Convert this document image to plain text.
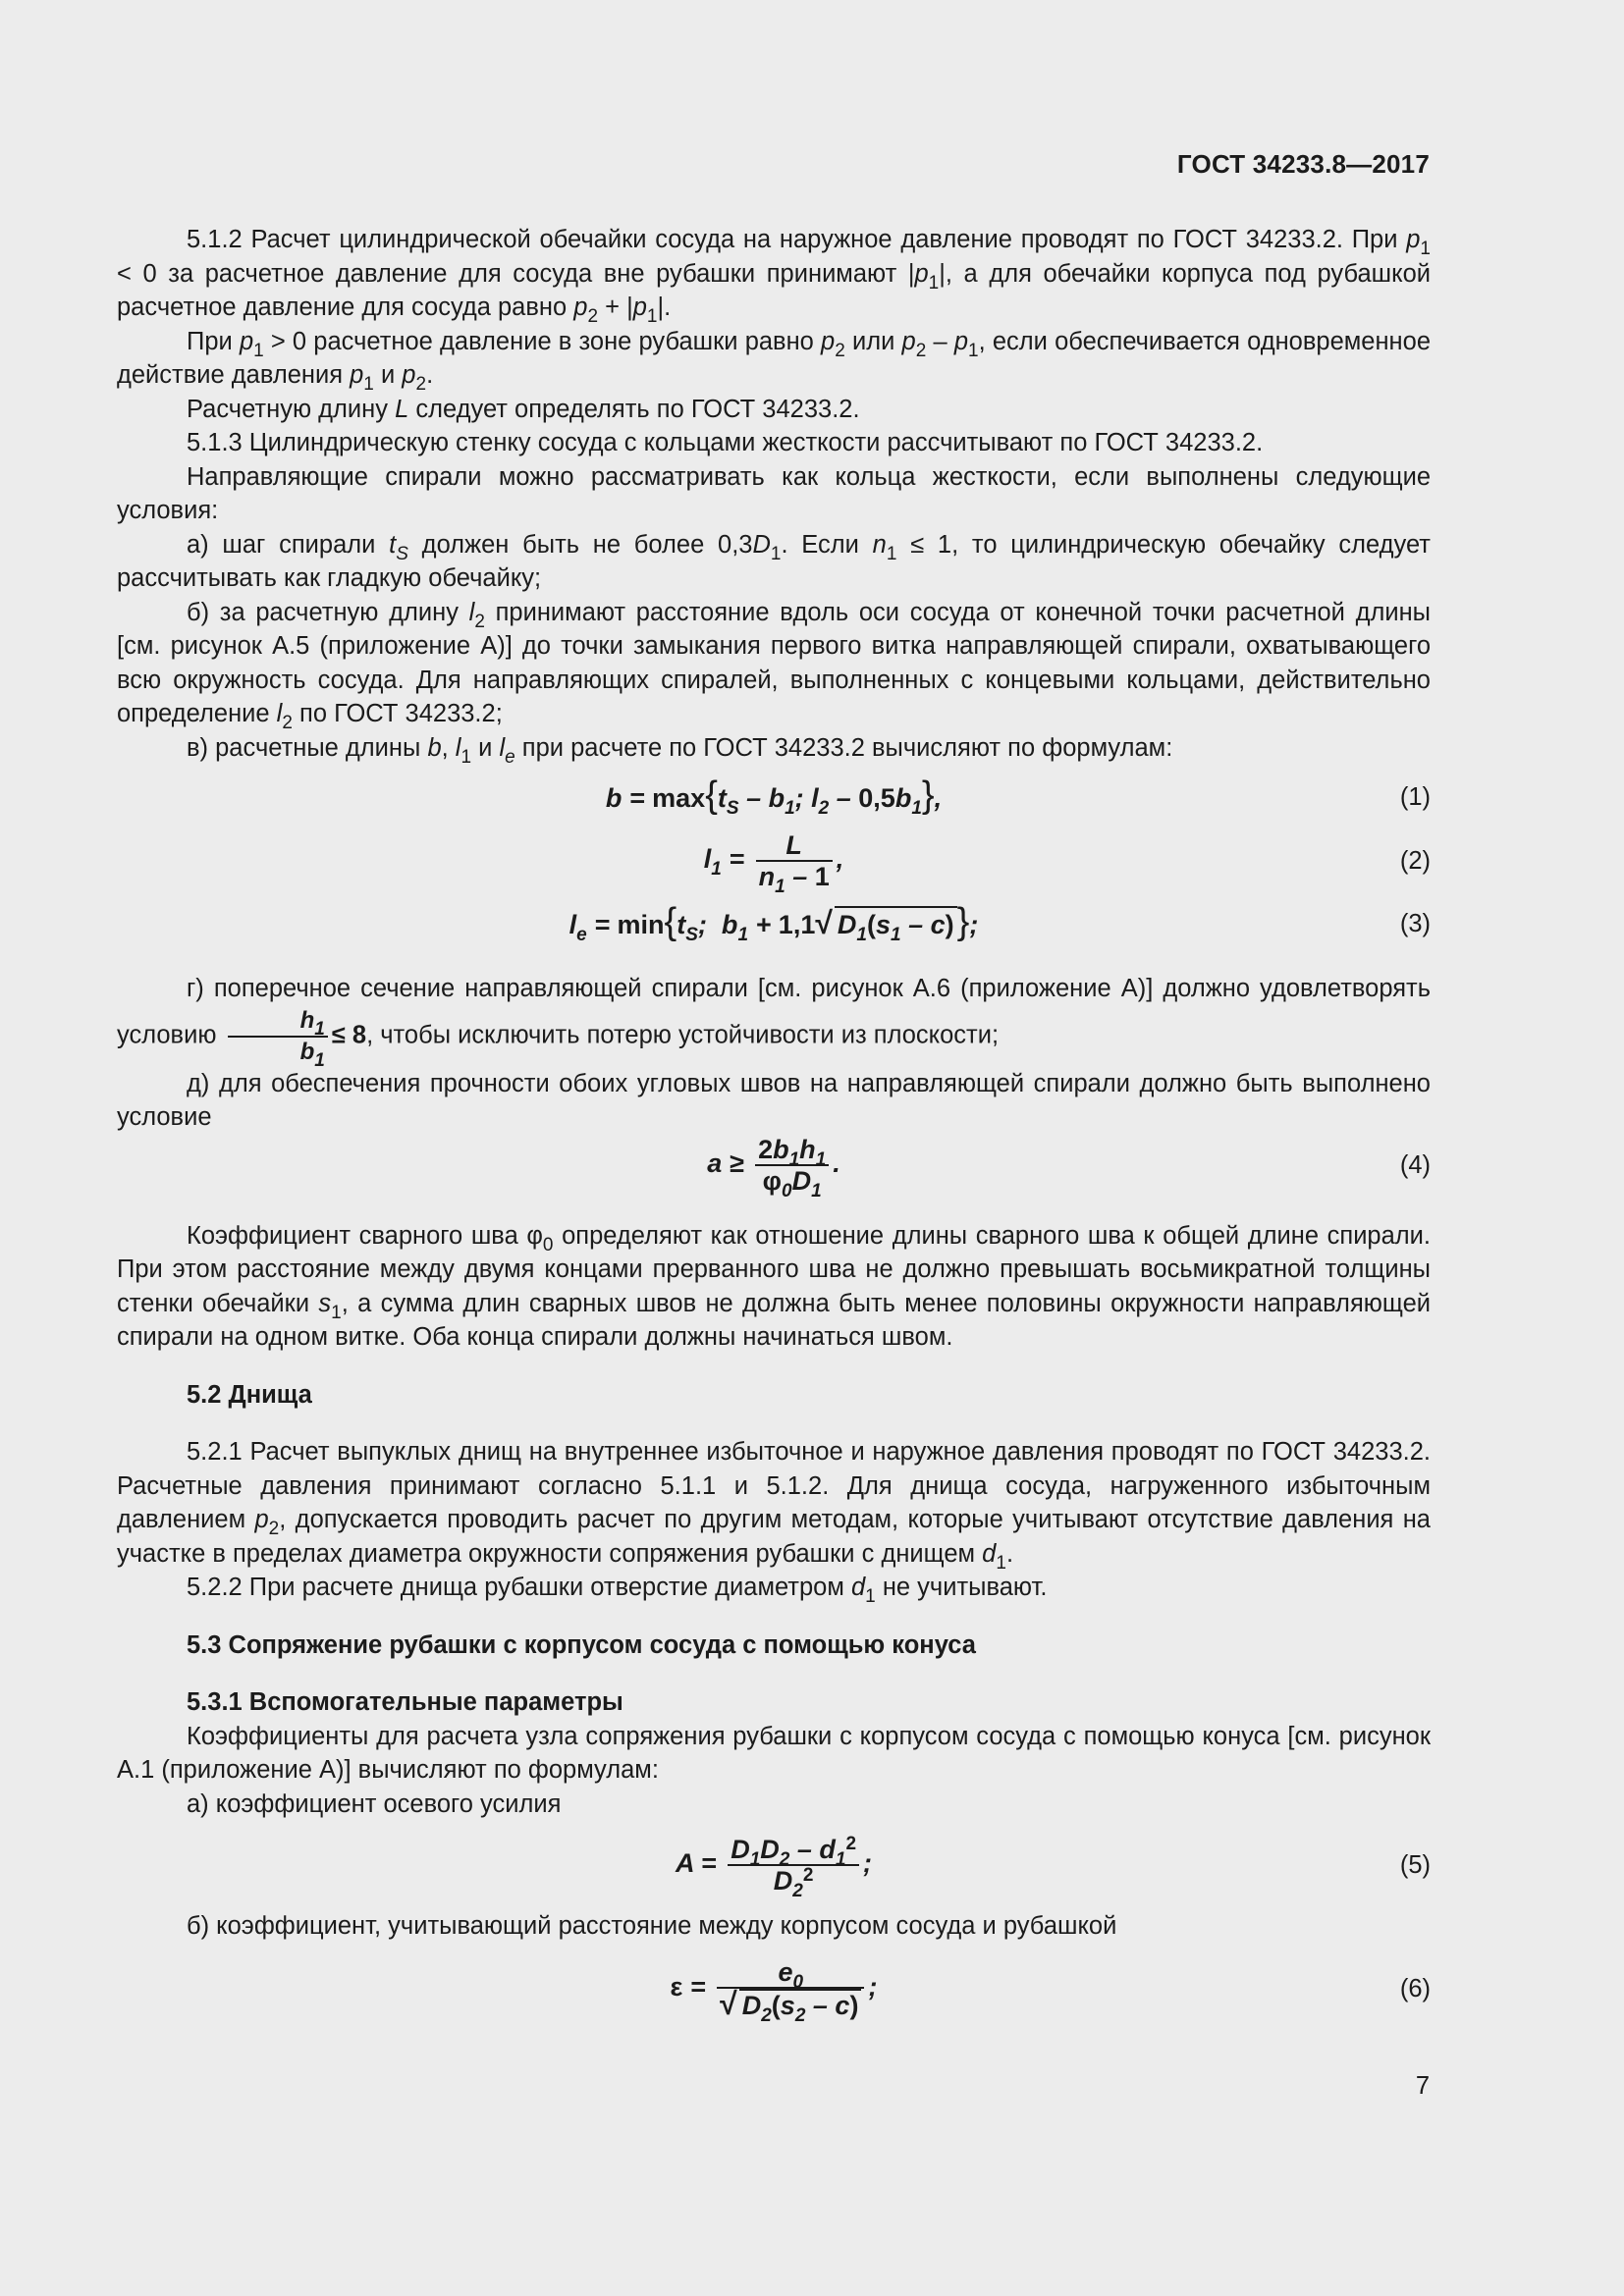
ГОСТ 34233.8—2017

5.1.2 Расчет цилиндрической обечайки сосуда на наружное давление проводят по ГОСТ 34233.2. При $p_1 < 0$ за расчетное давление для сосуда вне рубашки принимают $|p_1|$, а для обечайки корпуса под рубашкой расчетное давление для сосуда равно $p_2 + |p_1|$.

При $p_1 > 0$ расчетное давление в зоне рубашки равно $p_2$ или $p_2 - p_1$, если обеспечивается одновременное действие давления $p_1$ и $p_2$.

Расчетную длину L следует определять по ГОСТ 34233.2.

5.1.3 Цилиндрическую стенку сосуда с кольцами жесткости рассчитывают по ГОСТ 34233.2.

Направляющие спирали можно рассматривать как кольца жесткости, если выполнены следующие условия:

а) шаг спирали $t_S$ должен быть не более $0,3D_1$. Если $n_1 \le 1$, то цилиндрическую обечайку следует рассчитывать как гладкую обечайку;

б) за расчетную длину $l_2$ принимают расстояние вдоль оси сосуда от конечной точки расчетной длины [см. рисунок А.5 (приложение А)] до точки замыкания первого витка направляющей спирали, охватывающего всю окружность сосуда. Для направляющих спиралей, выполненных с концевыми кольцами, действительно определение $l_2$ по ГОСТ 34233.2;

в) расчетные длины b, $l_1$ и $l_e$ при расчете по ГОСТ 34233.2 вычисляют по формулам:

$b = \max\{t_S - b_1$; $l_2 - 0,5b_1$},	(1)
$l_1 = \frac{L}{n_1 - 1}$ ,	(2)
$l_e = \min\{t_S$;  $b_1 + 1,1√$ $D_1(s_1 - c)$};	(3)

г) поперечное сечение направляющей спирали [см. рисунок А.6 (приложение А)] должно удовлетворять условию $\frac{h_1}{b_1} \le 8$, чтобы исключить потерю устойчивости из плоскости;

д) для обеспечения прочности обоих угловых швов на направляющей спирали должно быть выполнено условие

$a \ge \frac{2b_1h_1}{\varphi_0D_1}$ .	(4)

Коэффициент сварного шва $\varphi_0$ определяют как отношение длины сварного шва к общей длине спирали. При этом расстояние между двумя концами прерванного шва не должно превышать восьмикратной толщины стенки обечайки $s_1$, а сумма длин сварных швов не должна быть менее половины окружности направляющей спирали на одном витке. Оба конца спирали должны начинаться швом.

5.2 Днища

5.2.1 Расчет выпуклых днищ на внутреннее избыточное и наружное давления проводят по ГОСТ 34233.2. Расчетные давления принимают согласно 5.1.1 и 5.1.2. Для днища сосуда, нагруженного избыточным давлением $p_2$, допускается проводить расчет по другим методам, которые учитывают отсутствие давления на участке в пределах диаметра окружности сопряжения рубашки с днищем $d_1$.

5.2.2 При расчете днища рубашки отверстие диаметром $d_1$ не учитывают.

5.3 Сопряжение рубашки с корпусом сосуда с помощью конуса
5.3.1 Вспомогательные параметры

Коэффициенты для расчета узла сопряжения рубашки с корпусом сосуда с помощью конуса [см. рисунок А.1 (приложение А)] вычисляют по формулам:

а) коэффициент осевого усилия

$A = \frac{D_1D_2 - d_1^2}{D_2^2}$ ;	(5)

б) коэффициент, учитывающий расстояние между корпусом сосуда и рубашкой

$\varepsilon = \frac{e_0}{√ D_2(s_2 - c)}$ ;	(6)
7
